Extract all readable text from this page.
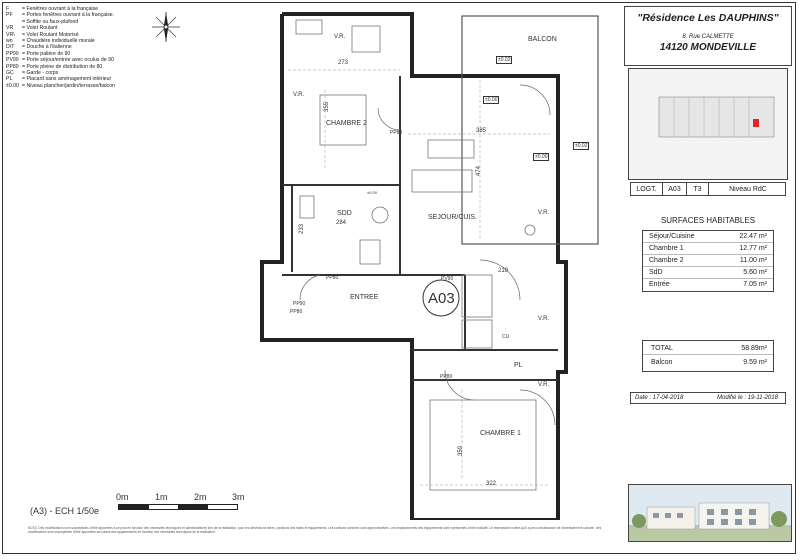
F	= Fenêtres ouvrant à la française
PF	= Portes fenêtres ouvrant à la française.
= Soffite ou faux-plafond
VR	= Volet Roulant
VR\	= Volet Roulant Motorisé
wo	= Chaudière individuelle murale
D/T	= Douche à l'italienne
PP90 = Porte palière de 90
PV90 = Porte séjour/entrée avec oculus de 90
PP80 = Porte pleine de distribution de 80
GC	= Garde - corps
PL	= Placard sans aménagement intérieur
±0.00 = Niveau plancher/jardin/terrasse/balcon
BALCON
CHAMBRE 2
SEJOUR/CUIS.
SDD
ENTREE
CHAMBRE 1
PL
A03
V.R.
V.R.
V.R.
V.R.
V.R.
273
355
385
474
284
219
322
359
233
PP80
PP80
PP80
PP80
PV90
PP90
CU
±0.02
±0.00
±0.00
±0.02
±0.00
0m	1m	2m	3m
(A3) - ECH 1/50e
NOTA: Des modifications sont susceptibles d'être apportées à ce plan en fonction des nécessités techniques et administratives lors de la réalisation, pour les dimensions libres, positions des baies et équipements. Les surfaces données sont approximatives. Les emplacements des équipements sont représentés à titre indicatif. Le réservataire notera qu'il a pris connaissance de l'avertissement suivant : des modifications sont susceptibles d'être apportées aux plans des appartements en fonction des nécessités techniques de la réalisation.
"Résidence Les DAUPHINS"
8, Rue CALMETTE
14120 MONDEVILLE
LOGT.	A03	T3	Niveau RdC
SURFACES HABITABLES
Séjour/Cuisine	22.47 m²
Chambre 1	12.77 m²
Chambre 2	11.00 m²
SdD	5.60 m²
Entrée	7.05 m²
TOTAL	58.89m²
Balcon	9.59 m²
Date : 17-04-2018	Modifié le : 19-11-2018
